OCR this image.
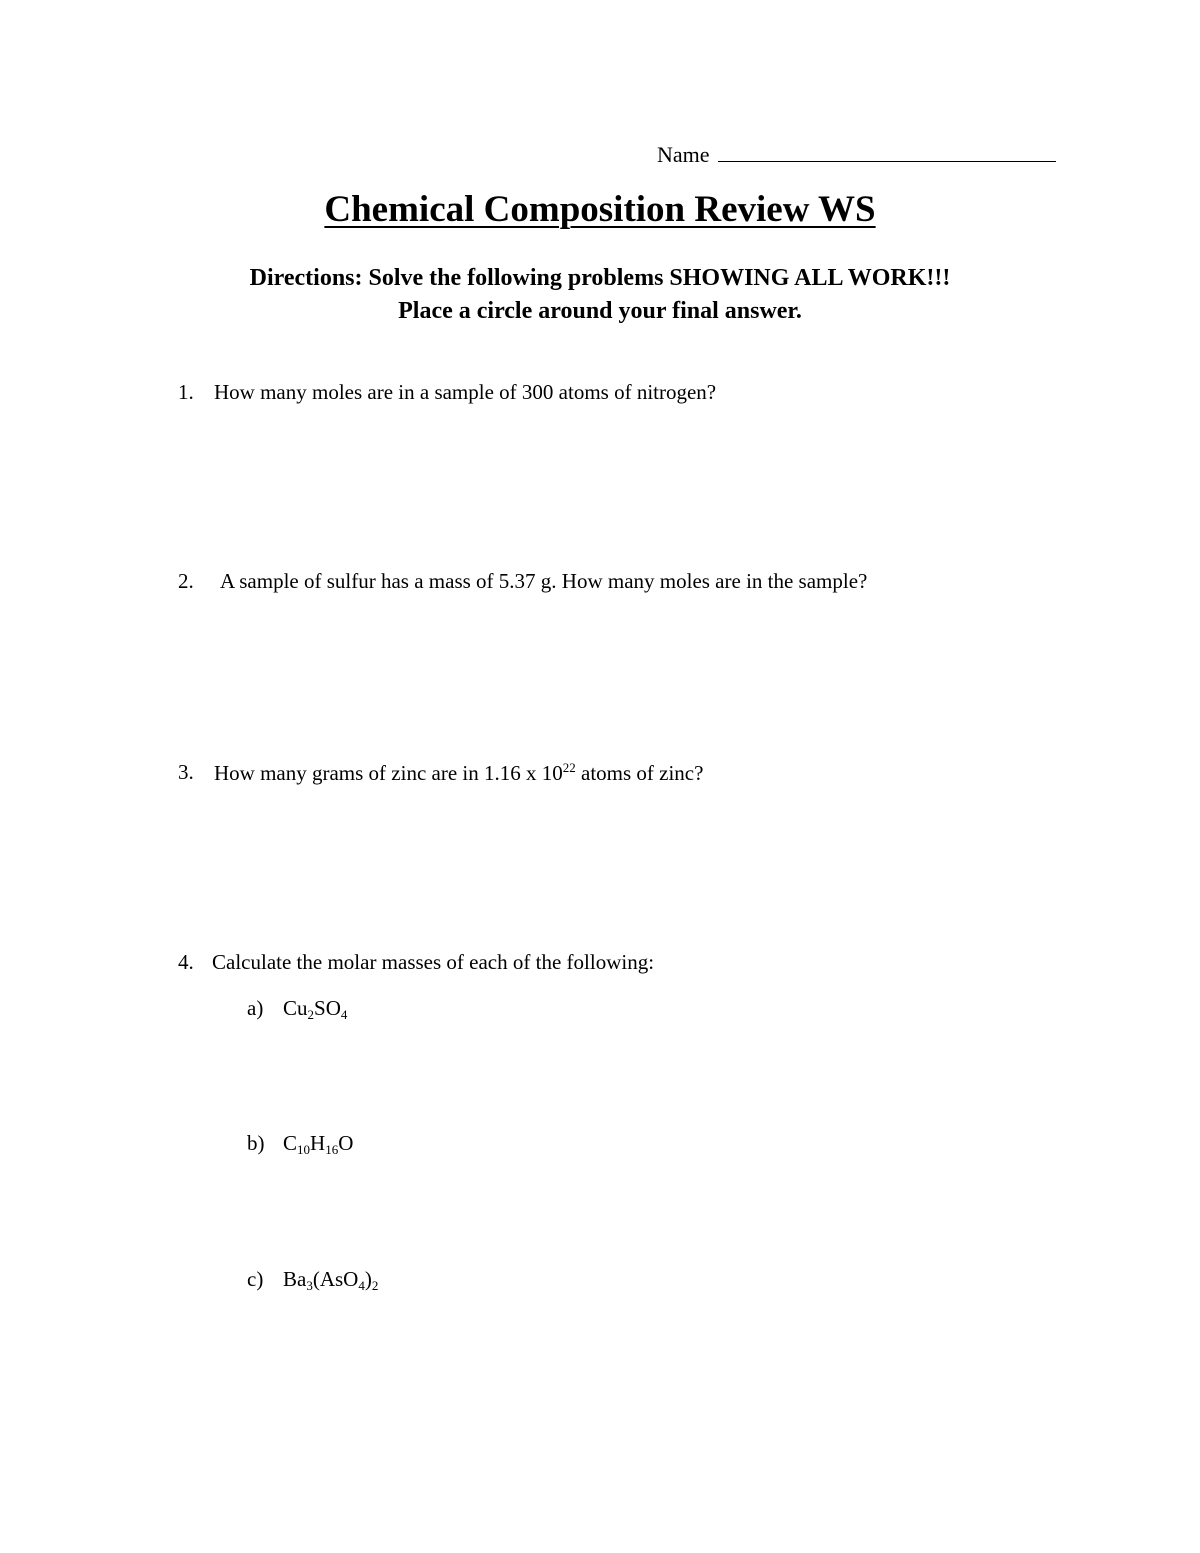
Name
Chemical Composition Review WS
Directions: Solve the following problems SHOWING ALL WORK!!!
Place a circle around your final answer.
1. How many moles are in a sample of 300 atoms of nitrogen?
2. A sample of sulfur has a mass of 5.37 g. How many moles are in the sample?
3. How many grams of zinc are in 1.16 x $10^{22}$ atoms of zinc?
4. Calculate the molar masses of each of the following:
a) $Cu_2SO_4$
b) $C_{10}H_{16}O$
c) $Ba_3(AsO_4)_2$
